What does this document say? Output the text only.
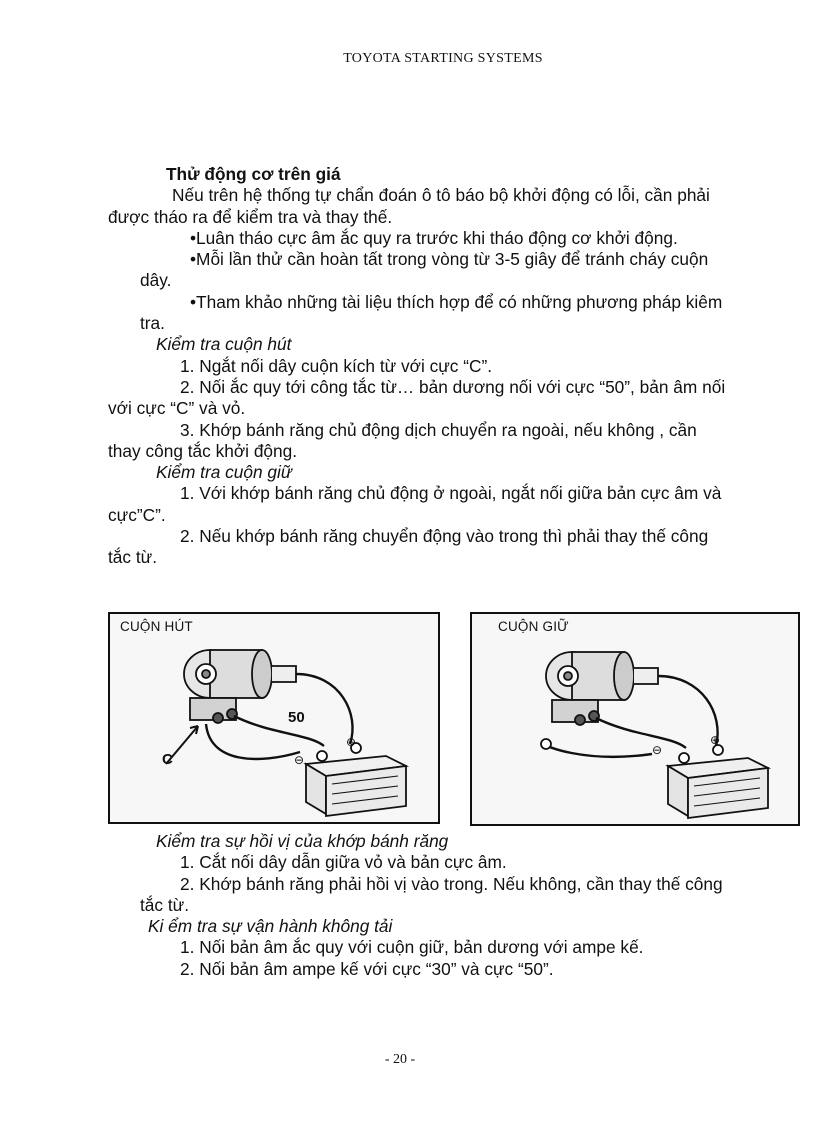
TOYOTA STARTING SYSTEMS

Thử động cơ trên giá

Nếu trên hệ thống tự chẩn đoán ô tô báo bộ khởi động có lỗi, cần phải

được tháo ra để kiểm tra và thay thế.

•Luân tháo cực âm ắc quy ra trước khi tháo động cơ khởi động.

•Mỗi lần thử cần hoàn tất trong vòng từ 3-5 giây để tránh cháy cuộn

dây.

•Tham khảo những tài liệu thích hợp để có những phương pháp kiêm

tra.

Kiểm tra cuộn hút

1. Ngắt nối dây cuộn kích từ với cực “C”.

2. Nối ắc quy tới công tắc từ… bản dương nối với cực “50”, bản âm nối

với cực “C” và vỏ.

3. Khớp bánh răng chủ động dịch chuyển ra ngoài, nếu không , cần

thay công tắc khởi động.

Kiểm tra cuộn giữ

1. Với khớp bánh răng chủ động ở ngoài, ngắt nối giữa bản cực âm và

cực”C”.

2. Nếu khớp bánh răng chuyển động vào trong thì phải thay thế công

tắc từ.

CUỘN HÚT
50
C
⊕
⊖
CUỘN GIỮ
⊕
⊖

Kiểm tra sự hồi vị của khớp bánh răng

1. Cắt nối dây dẫn giữa vỏ và bản cực âm.

2. Khớp bánh răng phải hồi vị vào trong. Nếu không, cần thay thế công

tắc từ.

Ki ểm tra sự vận hành không tải

1. Nối bản âm ắc quy với cuộn giữ, bản dương với ampe kế.

2. Nối bản âm ampe kế với cực “30” và cực “50”.

- 20 -
